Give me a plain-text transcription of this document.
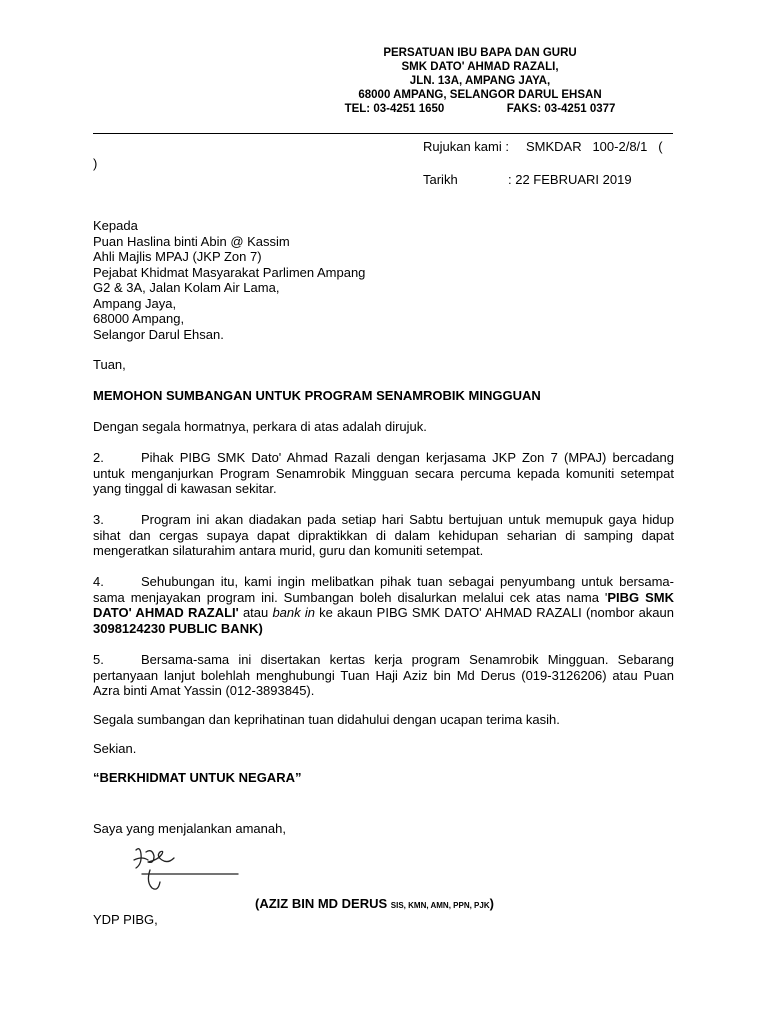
PERSATUAN IBU BAPA DAN GURU
SMK DATO' AHMAD RAZALI,
JLN. 13A, AMPANG JAYA,
68000 AMPANG, SELANGOR DARUL EHSAN
TEL: 03-4251 1650	FAKS: 03-4251 0377
Rujukan kami : SMKDAR   100-2/8/1   (
)
Tarikh	: 22 FEBRUARI 2019
Kepada
Puan Haslina binti Abin @ Kassim
Ahli Majlis MPAJ (JKP Zon 7)
Pejabat Khidmat Masyarakat Parlimen Ampang
G2 & 3A, Jalan Kolam Air Lama,
Ampang Jaya,
68000 Ampang,
Selangor Darul Ehsan.
Tuan,
MEMOHON SUMBANGAN UNTUK PROGRAM SENAMROBIK MINGGUAN
Dengan segala hormatnya, perkara di atas adalah dirujuk.
2.	Pihak PIBG SMK Dato' Ahmad Razali dengan kerjasama JKP Zon 7 (MPAJ) bercadang untuk menganjurkan Program Senamrobik Mingguan secara percuma kepada komuniti setempat yang tinggal di kawasan sekitar.
3.	Program ini akan diadakan pada setiap hari Sabtu bertujuan untuk memupuk gaya hidup sihat dan cergas supaya dapat dipraktikkan di dalam kehidupan seharian di samping dapat mengeratkan silaturahim antara murid, guru dan komuniti setempat.
4.	Sehubungan itu, kami ingin melibatkan pihak tuan sebagai penyumbang untuk bersama-sama menjayakan program ini. Sumbangan boleh disalurkan melalui cek atas nama 'PIBG SMK DATO' AHMAD RAZALI' atau bank in ke akaun PIBG SMK DATO' AHMAD RAZALI (nombor akaun 3098124230 PUBLIC BANK)
5.	Bersama-sama ini disertakan kertas kerja program Senamrobik Mingguan. Sebarang pertanyaan lanjut bolehlah menghubungi Tuan Haji Aziz bin Md Derus (019-3126206) atau Puan Azra binti Amat Yassin (012-3893845).
Segala sumbangan dan keprihatinan tuan didahului dengan ucapan terima kasih.
Sekian.
“BERKHIDMAT UNTUK NEGARA”
Saya yang menjalankan amanah,
(AZIZ BIN MD DERUS SIS, KMN, AMN, PPN, PJK)
YDP PIBG,
